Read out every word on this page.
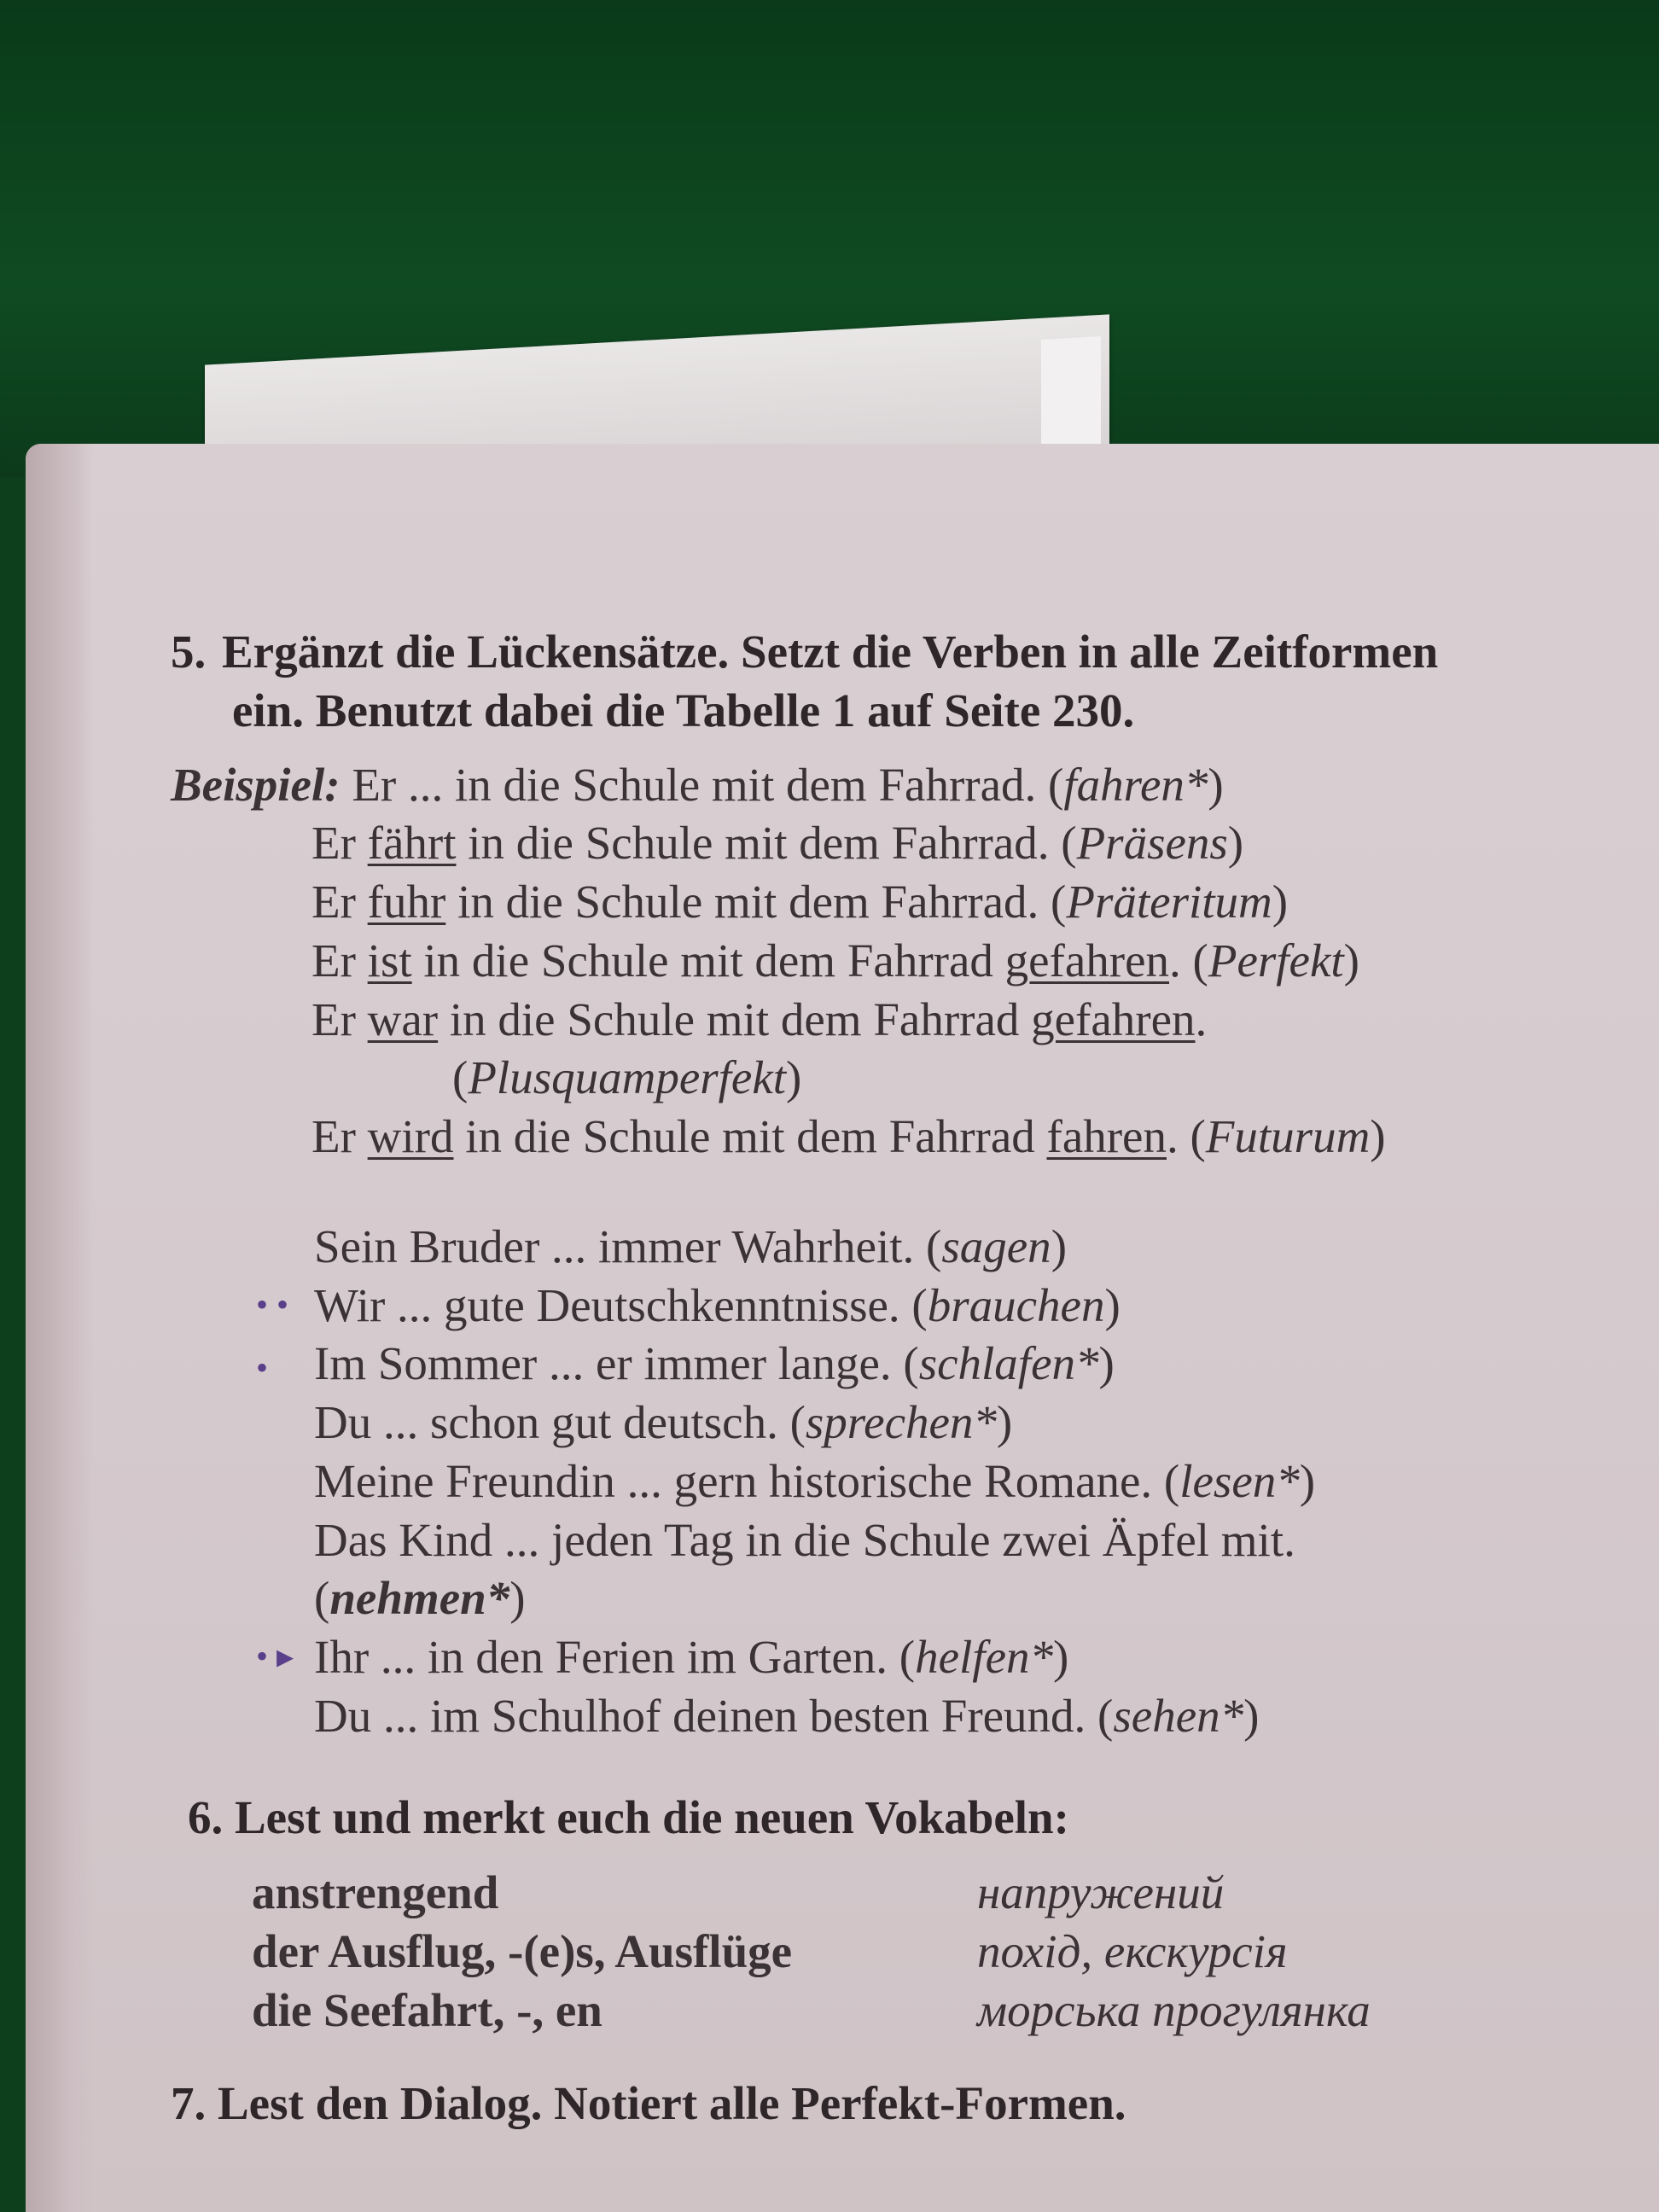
5. Ergänzt die Lückensätze. Setzt die Verben in alle Zeitformen
ein. Benutzt dabei die Tabelle 1 auf Seite 230.

Beispiel: Er ... in die Schule mit dem Fahrrad. (fahren*)

Er fährt in die Schule mit dem Fahrrad. (Präsens)

Er fuhr in die Schule mit dem Fahrrad. (Präteritum)

Er ist in die Schule mit dem Fahrrad gefahren. (Perfekt)

Er war in die Schule mit dem Fahrrad gefahren.

(Plusquamperfekt)

Er wird in die Schule mit dem Fahrrad fahren. (Futurum)

Sein Bruder ... immer Wahrheit. (sagen)

• • Wir ... gute Deutschkenntnisse. (brauchen)

• Im Sommer ... er immer lange. (schlafen*)

Du ... schon gut deutsch. (sprechen*)

Meine Freundin ... gern historische Romane. (lesen*)

Das Kind ... jeden Tag in die Schule zwei Äpfel mit.

(nehmen*)

• ▸ Ihr ... in den Ferien im Garten. (helfen*)

Du ... im Schulhof deinen besten Freund. (sehen*)

6. Lest und merkt euch die neuen Vokabeln:
anstrengend	напружений
der Ausflug, -(e)s, Ausflüge	похід, екскурсія
die Seefahrt, -, en	морська прогулянка
7. Lest den Dialog. Notiert alle Perfekt-Formen.
